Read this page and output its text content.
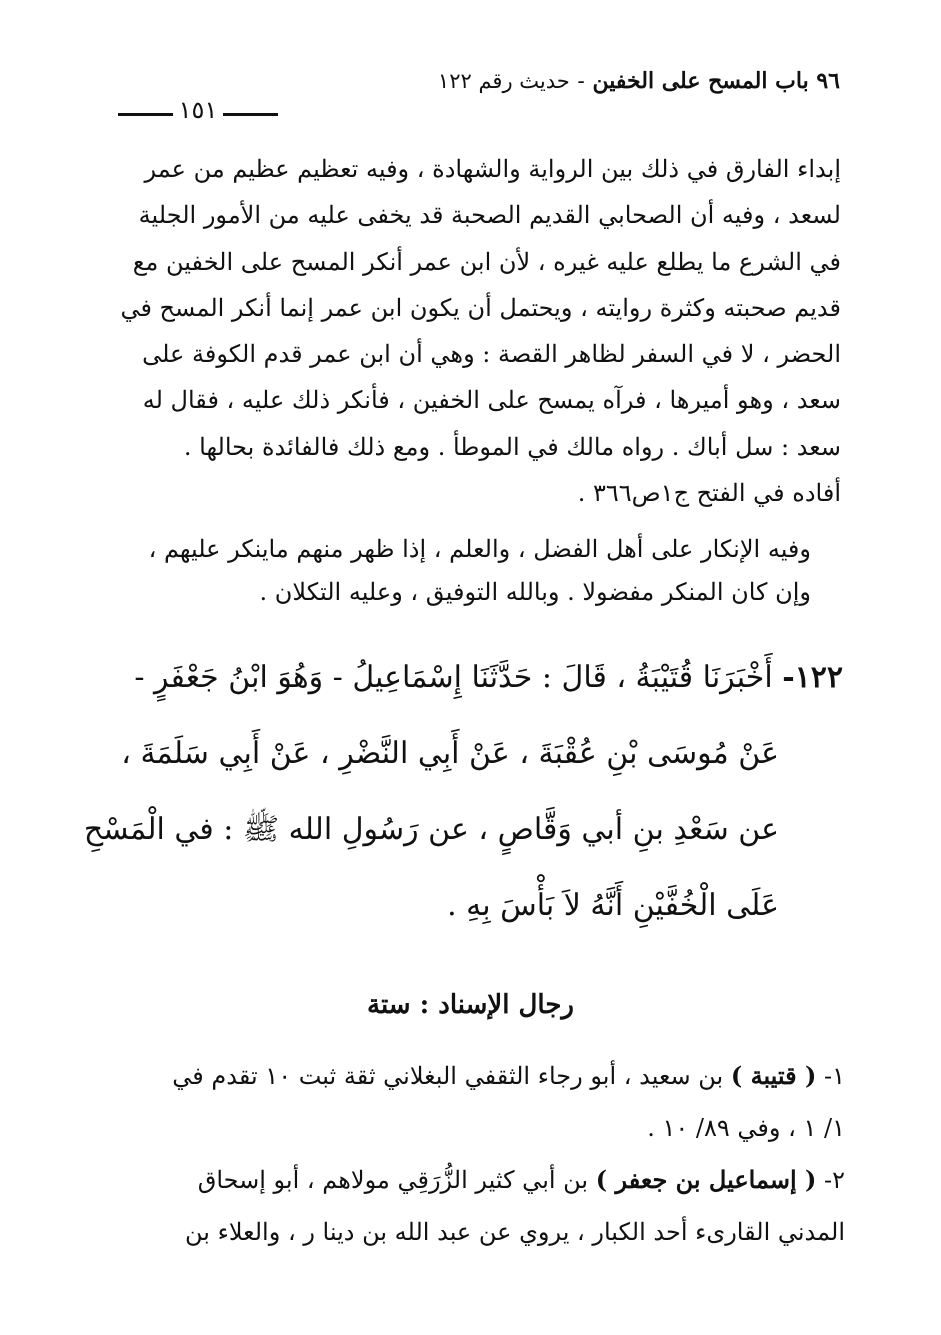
٩٦ باب المسح على الخفين - حديث رقم ١٢٢
١٥١

إبداء الفارق في ذلك بين الرواية والشهادة ، وفيه تعظيم عظيم من عمر

لسعد ، وفيه أن الصحابي القديم الصحبة قد يخفى عليه من الأمور الجلية

في الشرع ما يطلع عليه غيره ، لأن ابن عمر أنكر المسح على الخفين مع

قديم صحبته وكثرة روايته ، ويحتمل أن يكون ابن عمر إنما أنكر المسح في

الحضر ، لا في السفر لظاهر القصة : وهي أن ابن عمر قدم الكوفة على

سعد ، وهو أميرها ، فرآه يمسح على الخفين ، فأنكر ذلك عليه ، فقال له

سعد : سل أباك . رواه مالك في الموطأ . ومع ذلك فالفائدة بحالها .

أفاده في الفتح ج١ص٣٦٦ .

وفيه الإنكار على أهل الفضل ، والعلم ، إذا ظهر منهم ماينكر عليهم ،

وإن كان المنكر مفضولا . وبالله التوفيق ، وعليه التكلان .

١٢٢- أَخْبَرَنَا قُتَيْبَةُ ، قَالَ : حَدَّثَنَا إِسْمَاعِيلُ - وَهُوَ ابْنُ جَعْفَرٍ -

عَنْ مُوسَى بْنِ عُقْبَةَ ، عَنْ أَبِي النَّضْرِ ، عَنْ أَبِي سَلَمَةَ ،

عن سَعْدِ بنِ أبي وَقَّاصٍ ، عن رَسُولِ الله ﷺ : في الْمَسْحِ

عَلَى الْخُفَّيْنِ أَنَّهُ لاَ بَأْسَ بِهِ .

رجال الإسناد : ستة

١- ( قتيبة ) بن سعيد ، أبو رجاء الثقفي البغلاني ثقة ثبت ١٠ تقدم في

١/ ١ ، وفي ٨٩/ ١٠ .

٢- ( إسماعيل بن جعفر ) بن أبي كثير الزُّرَقِي مولاهم ، أبو إسحاق

المدني القارىء أحد الكبار ، يروي عن عبد الله بن دينا ر ، والعلاء بن
